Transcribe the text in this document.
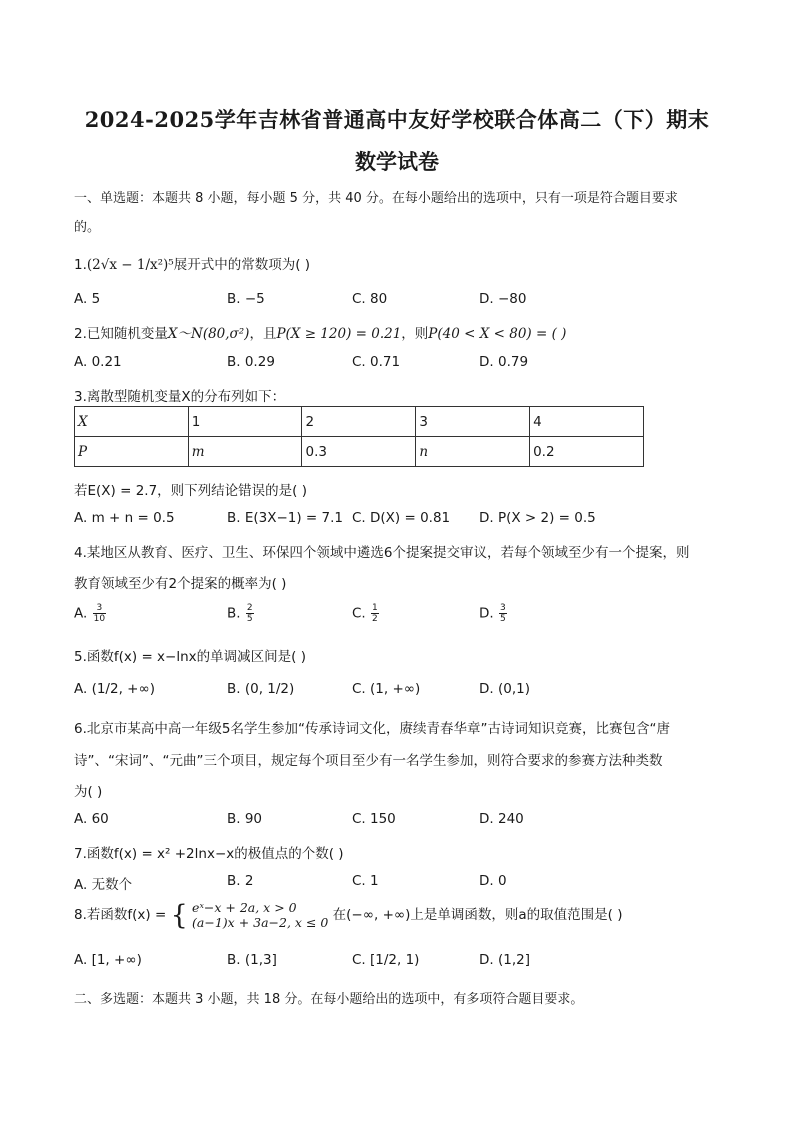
2024-2025学年吉林省普通高中友好学校联合体高二（下）期末
数学试卷
一、单选题：本题共 8 小题，每小题 5 分，共 40 分。在每小题给出的选项中，只有一项是符合题目要求
的。
1.(2√x − 1/x²)⁵展开式中的常数项为( )
A. 5	B. −5	C. 80	D. −80
2.已知随机变量X～N(80,σ²)，且P(X ≥ 120) = 0.21，则P(40 < X < 80) = ( )
A. 0.21	B. 0.29	C. 0.71	D. 0.79
3.离散型随机变量X的分布列如下：
X	1	2	3	4
P	m	0.3	n	0.2
若E(X) = 2.7，则下列结论错误的是( )
A. m + n = 0.5	B. E(3X−1) = 7.1 C. D(X) = 0.81 D. P(X > 2) = 0.5
4.某地区从教育、医疗、卫生、环保四个领域中遴选6个提案提交审议，若每个领域至少有一个提案，则
教育领域至少有2个提案的概率为( )
A. $\frac{3}{10}$	B. $\frac{2}{5}$	C. $\frac{1}{2}$	D. $\frac{3}{5}$
5.函数f(x) = x−lnx的单调减区间是( )
A. (1/2, +∞)	B. (0, 1/2)	C. (1, +∞)	D. (0,1)
6.北京市某高中高一年级5名学生参加“传承诗词文化，赓续青春华章”古诗词知识竞赛，比赛包含“唐
诗”、“宋词”、“元曲”三个项目，规定每个项目至少有一名学生参加，则符合要求的参赛方法种类数
为( )
A. 60	B. 90	C. 150	D. 240
7.函数f(x) = x² +2lnx−x的极值点的个数( )
A. 无数个	B. 2	C. 1	D. 0
8.若函数f(x) = { eˣ−x + 2a, x > 0
(a−1)x + 3a−2, x ≤ 0 在(−∞, +∞)上是单调函数，则a的取值范围是( )
A. [1, +∞)	B. (1,3]	C. [1/2, 1)	D. (1,2]
二、多选题：本题共 3 小题，共 18 分。在每小题给出的选项中，有多项符合题目要求。
